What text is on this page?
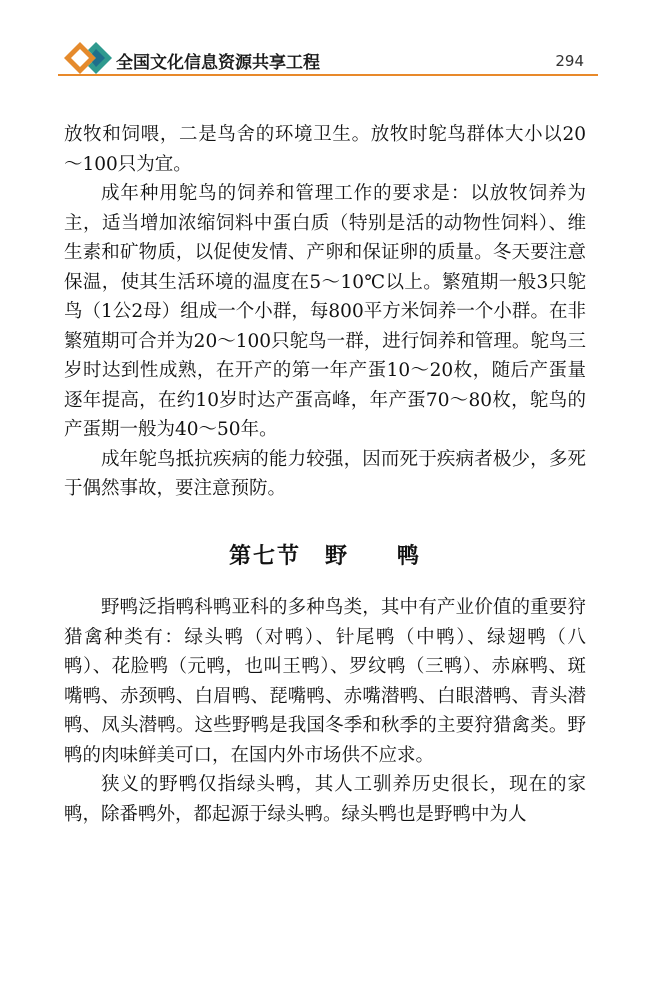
全国文化信息资源共享工程	294

放牧和饲喂，二是鸟舍的环境卫生。放牧时鸵鸟群体大小以20～100只为宜。

成年种用鸵鸟的饲养和管理工作的要求是：以放牧饲养为主，适当增加浓缩饲料中蛋白质（特别是活的动物性饲料）、维生素和矿物质，以促使发情、产卵和保证卵的质量。冬天要注意保温，使其生活环境的温度在5～10℃以上。繁殖期一般3只鸵鸟（1公2母）组成一个小群，每800平方米饲养一个小群。在非繁殖期可合并为20～100只鸵鸟一群，进行饲养和管理。鸵鸟三岁时达到性成熟，在开产的第一年产蛋10～20枚，随后产蛋量逐年提高，在约10岁时达产蛋高峰，年产蛋70～80枚，鸵鸟的产蛋期一般为40～50年。

成年鸵鸟抵抗疾病的能力较强，因而死于疾病者极少，多死于偶然事故，要注意预防。

第七节　野　　鸭

野鸭泛指鸭科鸭亚科的多种鸟类，其中有产业价值的重要狩猎禽种类有：绿头鸭（对鸭）、针尾鸭（中鸭）、绿翅鸭（八鸭）、花脸鸭（元鸭，也叫王鸭）、罗纹鸭（三鸭）、赤麻鸭、斑嘴鸭、赤颈鸭、白眉鸭、琵嘴鸭、赤嘴潜鸭、白眼潜鸭、青头潜鸭、凤头潜鸭。这些野鸭是我国冬季和秋季的主要狩猎禽类。野鸭的肉味鲜美可口，在国内外市场供不应求。

狭义的野鸭仅指绿头鸭，其人工驯养历史很长，现在的家鸭，除番鸭外，都起源于绿头鸭。绿头鸭也是野鸭中为人
